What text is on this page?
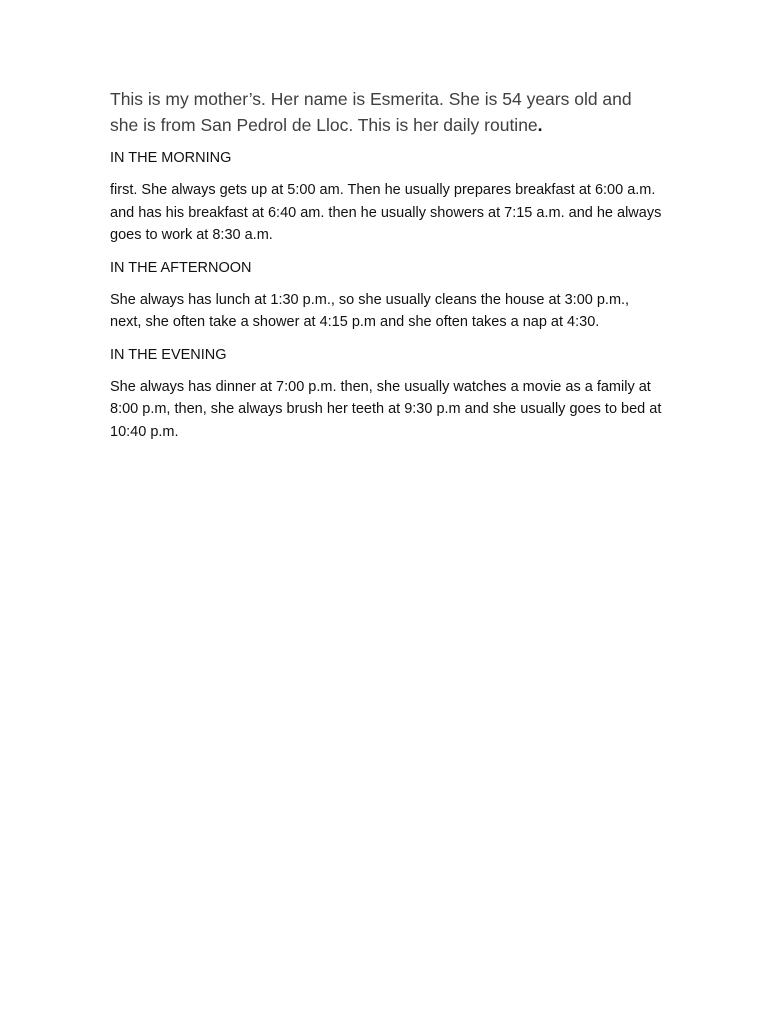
This is my mother’s. Her name is Esmerita. She is 54 years old and she is from San Pedrol de Lloc. This is her daily routine.

IN THE MORNING

first. She always gets up at 5:00 am. Then he usually prepares breakfast at 6:00 a.m. and has his breakfast at 6:40 am. then he usually showers at 7:15 a.m. and he always goes to work at 8:30 a.m.

IN THE AFTERNOON

She always has lunch at 1:30 p.m., so she usually cleans the house at 3:00 p.m., next, she often take a shower at 4:15 p.m and she often takes a nap at 4:30.

IN THE EVENING

She always has dinner at 7:00 p.m. then, she usually watches a movie as a family at 8:00 p.m, then, she always brush her teeth at 9:30 p.m and she usually goes to bed at 10:40 p.m.
